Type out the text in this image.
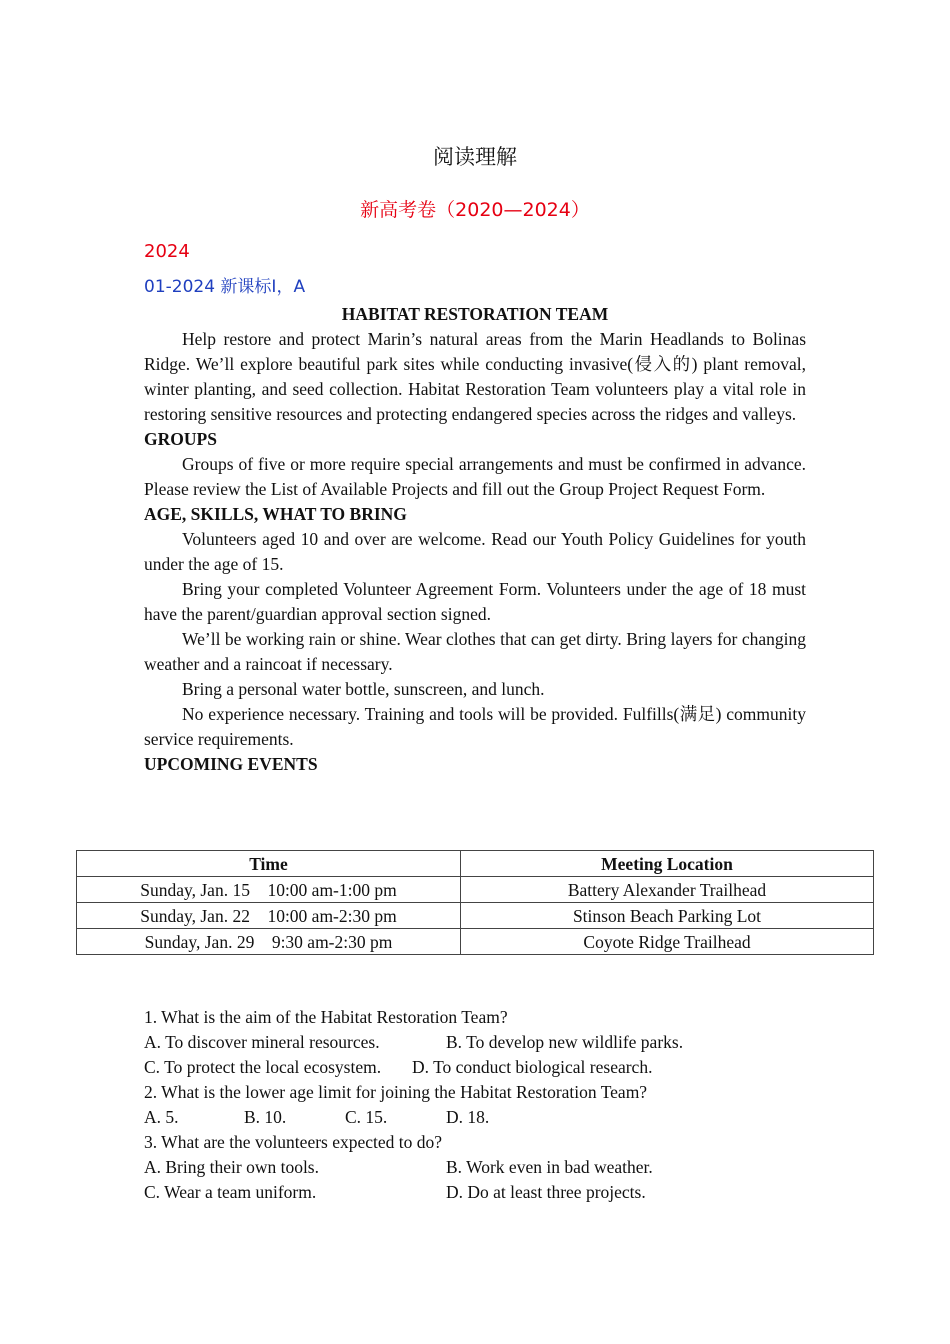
阅读理解
新高考卷（2020—2024）
2024
01-2024 新课标Ⅰ，A
HABITAT RESTORATION TEAM

Help restore and protect Marin’s natural areas from the Marin Headlands to Bolinas Ridge. We’ll explore beautiful park sites while conducting invasive(侵入的) plant removal, winter planting, and seed collection. Habitat Restoration Team volunteers play a vital role in restoring sensitive resources and protecting endangered species across the ridges and valleys.

GROUPS

Groups of five or more require special arrangements and must be confirmed in advance. Please review the List of Available Projects and fill out the Group Project Request Form.

AGE, SKILLS, WHAT TO BRING

Volunteers aged 10 and over are welcome. Read our Youth Policy Guidelines for youth under the age of 15.

Bring your completed Volunteer Agreement Form. Volunteers under the age of 18 must have the parent/guardian approval section signed.

We’ll be working rain or shine. Wear clothes that can get dirty. Bring layers for changing weather and a raincoat if necessary.

Bring a personal water bottle, sunscreen, and lunch.

No experience necessary. Training and tools will be provided. Fulfills(满足) community service requirements.

UPCOMING EVENTS
Time	Meeting Location
Sunday, Jan. 15    10:00 am-1:00 pm	Battery Alexander Trailhead
Sunday, Jan. 22    10:00 am-2:30 pm	Stinson Beach Parking Lot
Sunday, Jan. 29    9:30 am-2:30 pm	Coyote Ridge Trailhead
1. What is the aim of the Habitat Restoration Team?
A. To discover mineral resources.	B. To develop new wildlife parks.
C. To protect the local ecosystem. D. To conduct biological research.
2. What is the lower age limit for joining the Habitat Restoration Team?
A. 5.	B. 10.	C. 15.	D. 18.
3. What are the volunteers expected to do?
A. Bring their own tools.	B. Work even in bad weather.
C. Wear a team uniform.	D. Do at least three projects.
